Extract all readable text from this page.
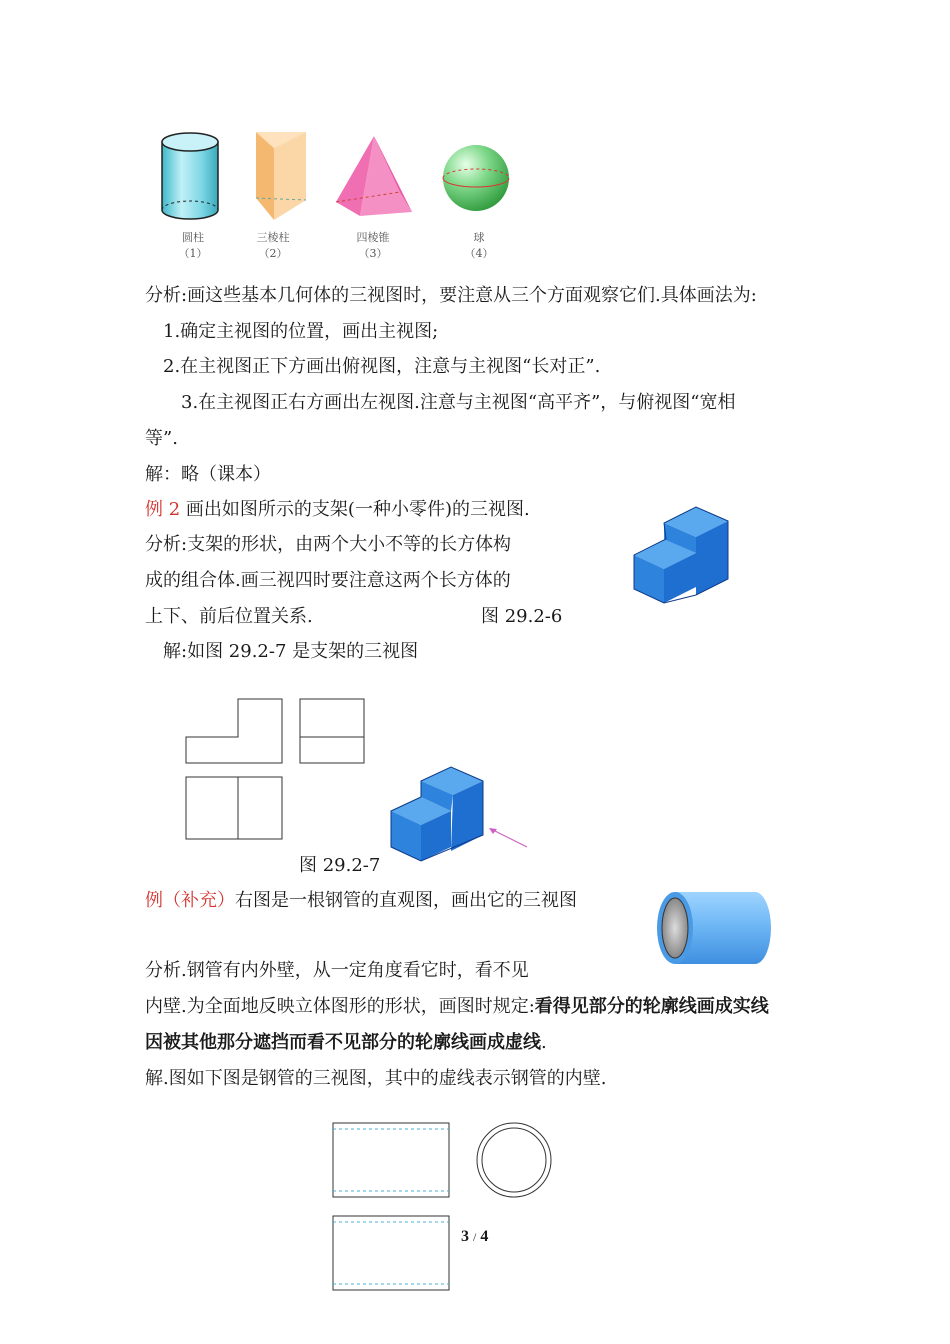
圆柱
（1）
三棱柱
（2）
四棱锥
（3）
球
（4）
分析:画这些基本几何体的三视图时，要注意从三个方面观察它们.具体画法为:
1.确定主视图的位置，画出主视图;
2.在主视图正下方画出俯视图，注意与主视图“长对正”.
3.在主视图正右方画出左视图.注意与主视图“高平齐”，与俯视图“宽相
等”.
解：略（课本）
例 2 画出如图所示的支架(一种小零件)的三视图.
分析:支架的形状，由两个大小不等的长方体构
成的组合体.画三视四时要注意这两个长方体的
上下、前后位置关系.	图 29.2-6
解:如图 29.2-7 是支架的三视图
图 29.2-7
例（补充）右图是一根钢管的直观图，画出它的三视图
分析.钢管有内外壁，从一定角度看它时，看不见
内壁.为全面地反映立体图形的形状，画图时规定:看得见部分的轮廓线画成实线
因被其他那分遮挡而看不见部分的轮廓线画成虚线.
解.图如下图是钢管的三视图，其中的虚线表示钢管的内壁.
3 / 4
